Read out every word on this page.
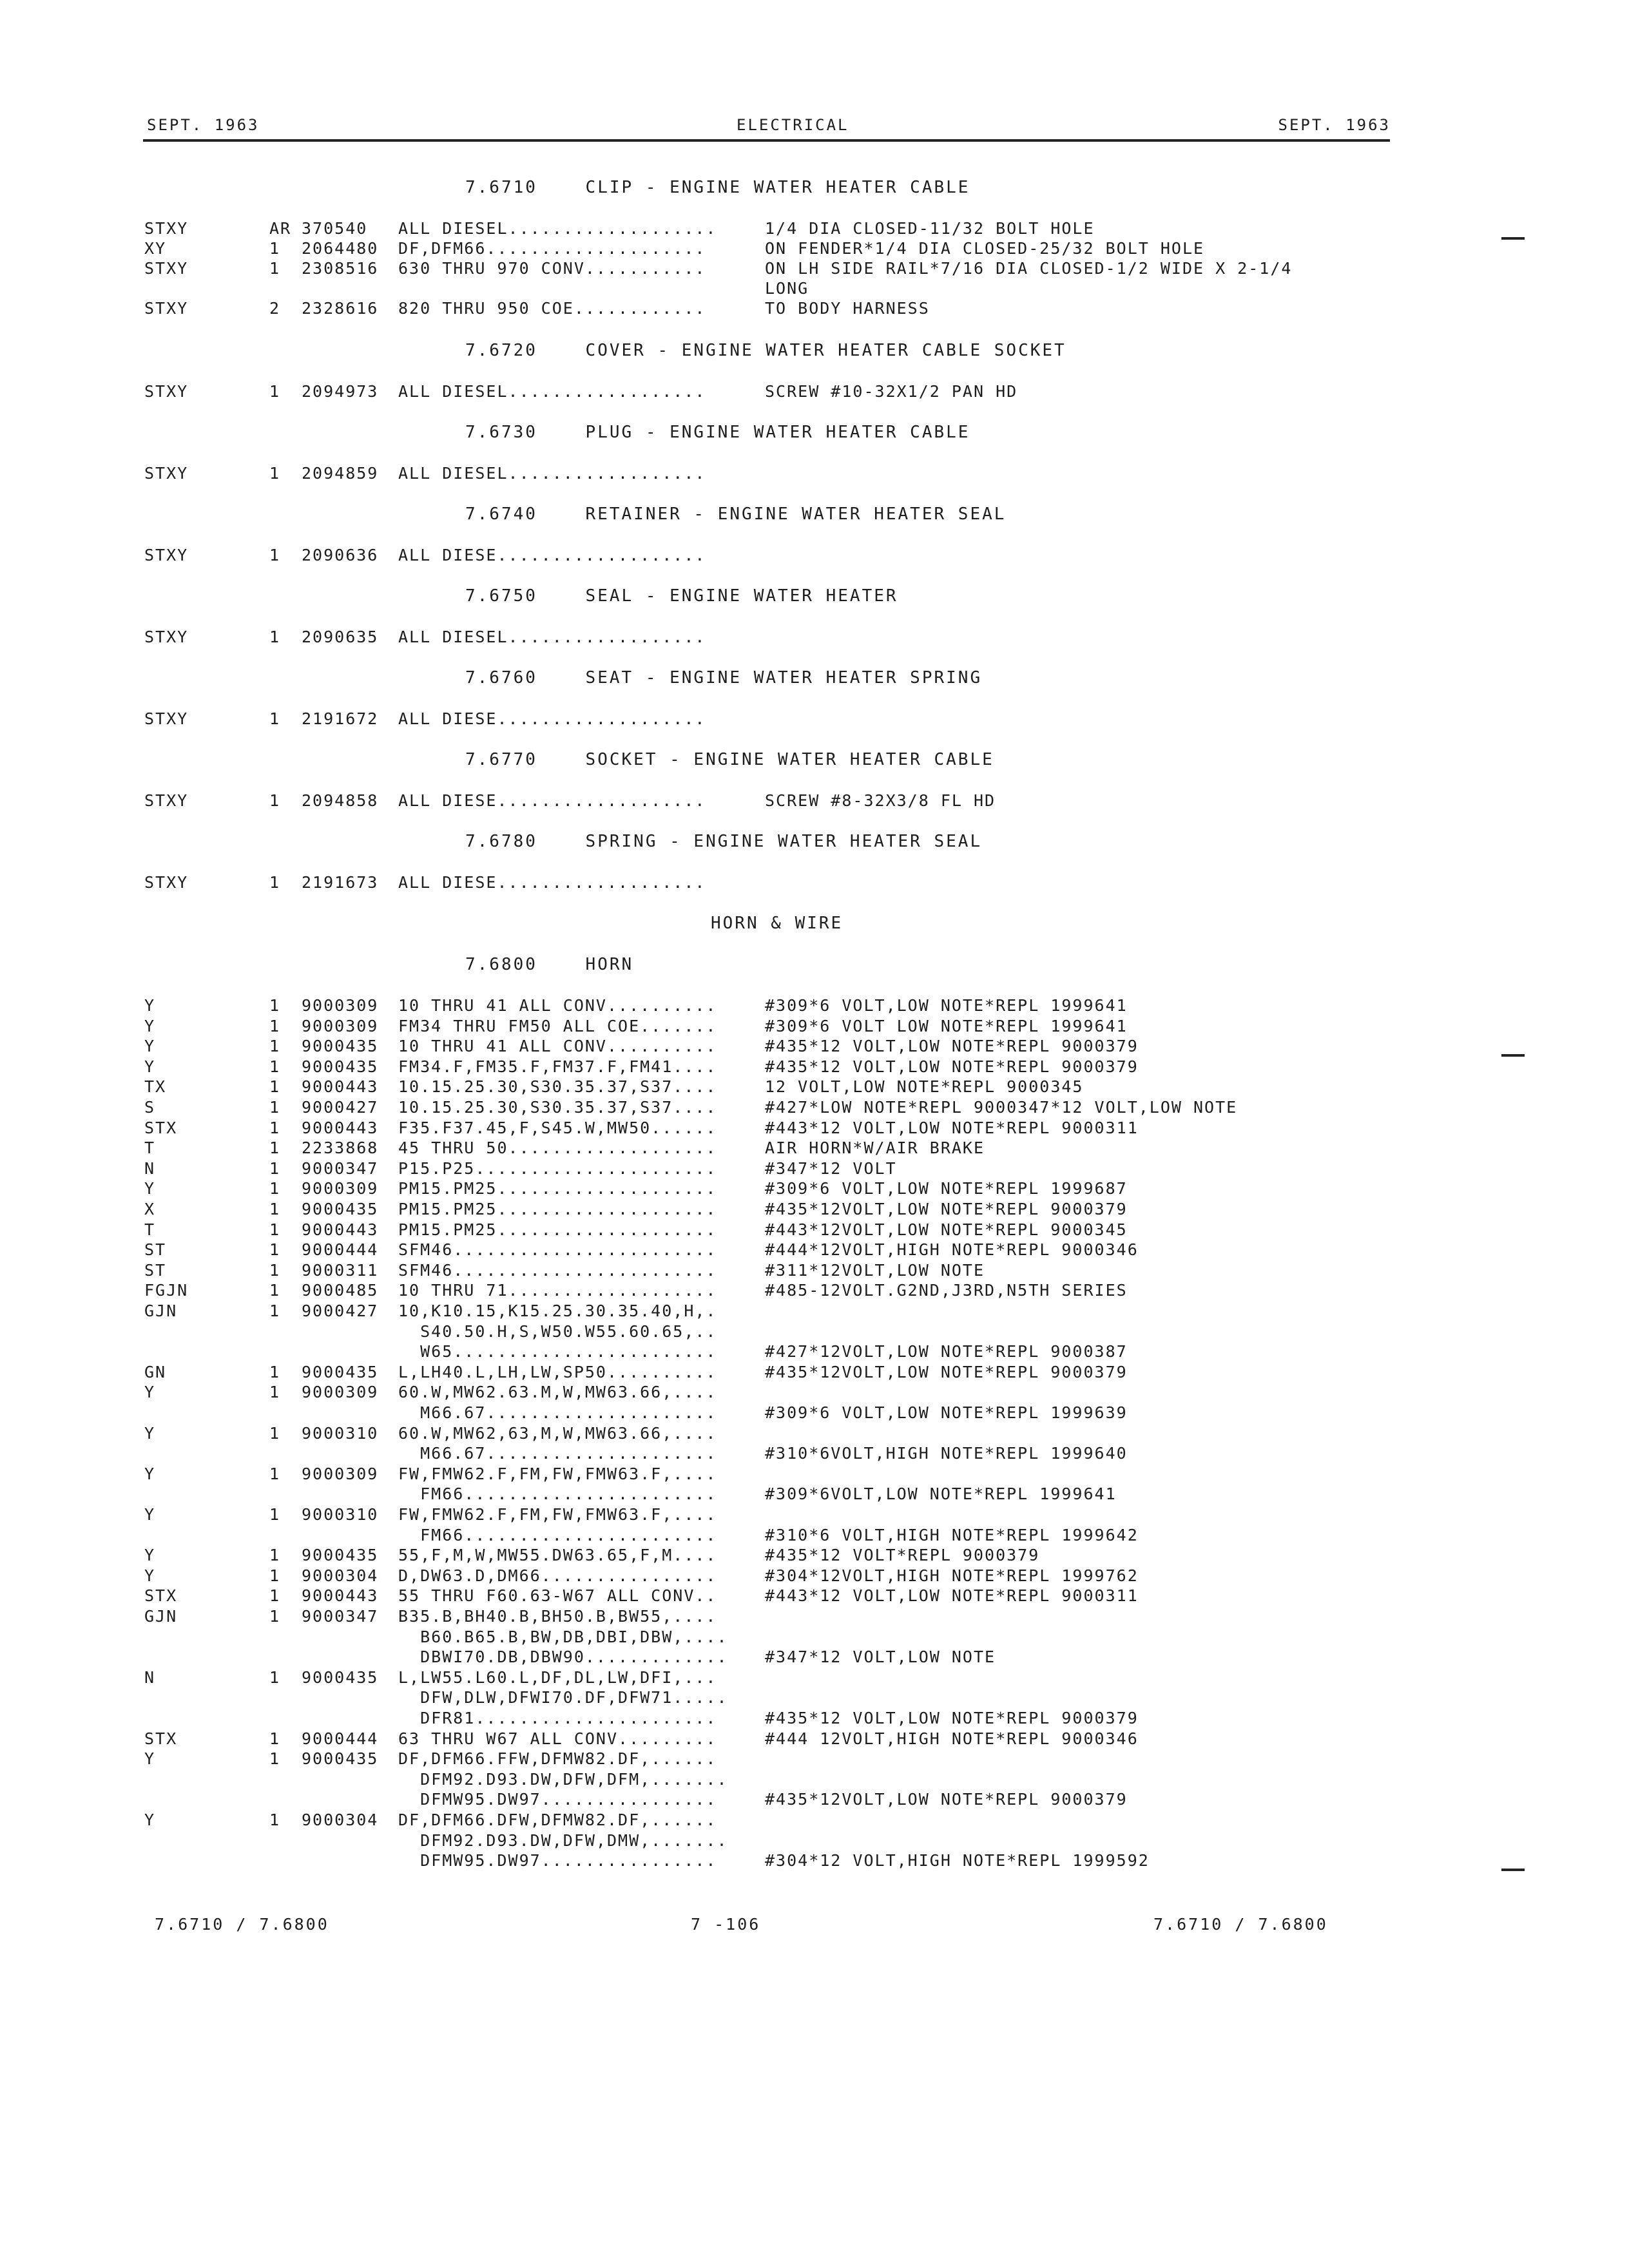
SEPT. 1963	ELECTRICAL	SEPT. 1963
7.6710	CLIP - ENGINE WATER HEATER CABLE
STXY	AR 370540 ALL DIESEL...................	1/4 DIA CLOSED-11/32 BOLT HOLE
XY	1 2064480 DF,DFM66....................	ON FENDER*1/4 DIA CLOSED-25/32 BOLT HOLE
STXY	1 2308516 630 THRU 970 CONV...........	ON LH SIDE RAIL*7/16 DIA CLOSED-1/2 WIDE X 2-1/4
LONG
STXY	2 2328616 820 THRU 950 COE............	TO BODY HARNESS
7.6720	COVER - ENGINE WATER HEATER CABLE SOCKET
STXY	1 2094973 ALL DIESEL..................	SCREW #10-32X1/2 PAN HD
7.6730	PLUG - ENGINE WATER HEATER CABLE
STXY	1 2094859 ALL DIESEL..................
7.6740	RETAINER - ENGINE WATER HEATER SEAL
STXY	1 2090636 ALL DIESE...................
7.6750	SEAL - ENGINE WATER HEATER
STXY	1 2090635 ALL DIESEL..................
7.6760	SEAT - ENGINE WATER HEATER SPRING
STXY	1 2191672 ALL DIESE...................
7.6770	SOCKET - ENGINE WATER HEATER CABLE
STXY	1 2094858 ALL DIESE...................	SCREW #8-32X3/8 FL HD
7.6780	SPRING - ENGINE WATER HEATER SEAL
STXY	1 2191673 ALL DIESE...................
HORN & WIRE
7.6800	HORN
Y	1 9000309 10 THRU 41 ALL CONV..........	#309*6 VOLT,LOW NOTE*REPL 1999641
Y	1 9000309 FM34 THRU FM50 ALL COE.......	#309*6 VOLT LOW NOTE*REPL 1999641
Y	1 9000435 10 THRU 41 ALL CONV..........	#435*12 VOLT,LOW NOTE*REPL 9000379
Y	1 9000435 FM34.F,FM35.F,FM37.F,FM41....	#435*12 VOLT,LOW NOTE*REPL 9000379
TX	1 9000443 10.15.25.30,S30.35.37,S37....	12 VOLT,LOW NOTE*REPL 9000345
S	1 9000427 10.15.25.30,S30.35.37,S37....	#427*LOW NOTE*REPL 9000347*12 VOLT,LOW NOTE
STX	1 9000443 F35.F37.45,F,S45.W,MW50......	#443*12 VOLT,LOW NOTE*REPL 9000311
T	1 2233868 45 THRU 50...................	AIR HORN*W/AIR BRAKE
N	1 9000347 P15.P25......................	#347*12 VOLT
Y	1 9000309 PM15.PM25....................	#309*6 VOLT,LOW NOTE*REPL 1999687
X	1 9000435 PM15.PM25....................	#435*12VOLT,LOW NOTE*REPL 9000379
T	1 9000443 PM15.PM25....................	#443*12VOLT,LOW NOTE*REPL 9000345
ST	1 9000444 SFM46........................	#444*12VOLT,HIGH NOTE*REPL 9000346
ST	1 9000311 SFM46........................	#311*12VOLT,LOW NOTE
FGJN	1 9000485 10 THRU 71...................	#485-12VOLT.G2ND,J3RD,N5TH SERIES
GJN	1 9000427 10,K10.15,K15.25.30.35.40,H,.
S40.50.H,S,W50.W55.60.65,..
W65........................	#427*12VOLT,LOW NOTE*REPL 9000387
GN	1 9000435 L,LH40.L,LH,LW,SP50..........	#435*12VOLT,LOW NOTE*REPL 9000379
Y	1 9000309 60.W,MW62.63.M,W,MW63.66,....
M66.67.....................	#309*6 VOLT,LOW NOTE*REPL 1999639
Y	1 9000310 60.W,MW62,63,M,W,MW63.66,....
M66.67.....................	#310*6VOLT,HIGH NOTE*REPL 1999640
Y	1 9000309 FW,FMW62.F,FM,FW,FMW63.F,....
FM66.......................	#309*6VOLT,LOW NOTE*REPL 1999641
Y	1 9000310 FW,FMW62.F,FM,FW,FMW63.F,....
FM66.......................	#310*6 VOLT,HIGH NOTE*REPL 1999642
Y	1 9000435 55,F,M,W,MW55.DW63.65,F,M....	#435*12 VOLT*REPL 9000379
Y	1 9000304 D,DW63.D,DM66................	#304*12VOLT,HIGH NOTE*REPL 1999762
STX	1 9000443 55 THRU F60.63-W67 ALL CONV..	#443*12 VOLT,LOW NOTE*REPL 9000311
GJN	1 9000347 B35.B,BH40.B,BH50.B,BW55,....
B60.B65.B,BW,DB,DBI,DBW,....
DBWI70.DB,DBW90............. #347*12 VOLT,LOW NOTE
N	1 9000435 L,LW55.L60.L,DF,DL,LW,DFI,...
DFW,DLW,DFWI70.DF,DFW71.....
DFR81......................	#435*12 VOLT,LOW NOTE*REPL 9000379
STX	1 9000444 63 THRU W67 ALL CONV.........	#444 12VOLT,HIGH NOTE*REPL 9000346
Y	1 9000435 DF,DFM66.FFW,DFMW82.DF,......
DFM92.D93.DW,DFW,DFM,.......
DFMW95.DW97................	#435*12VOLT,LOW NOTE*REPL 9000379
Y	1 9000304 DF,DFM66.DFW,DFMW82.DF,......
DFM92.D93.DW,DFW,DMW,.......
DFMW95.DW97................	#304*12 VOLT,HIGH NOTE*REPL 1999592
7.6710 / 7.6800	7 -106	7.6710 / 7.6800
